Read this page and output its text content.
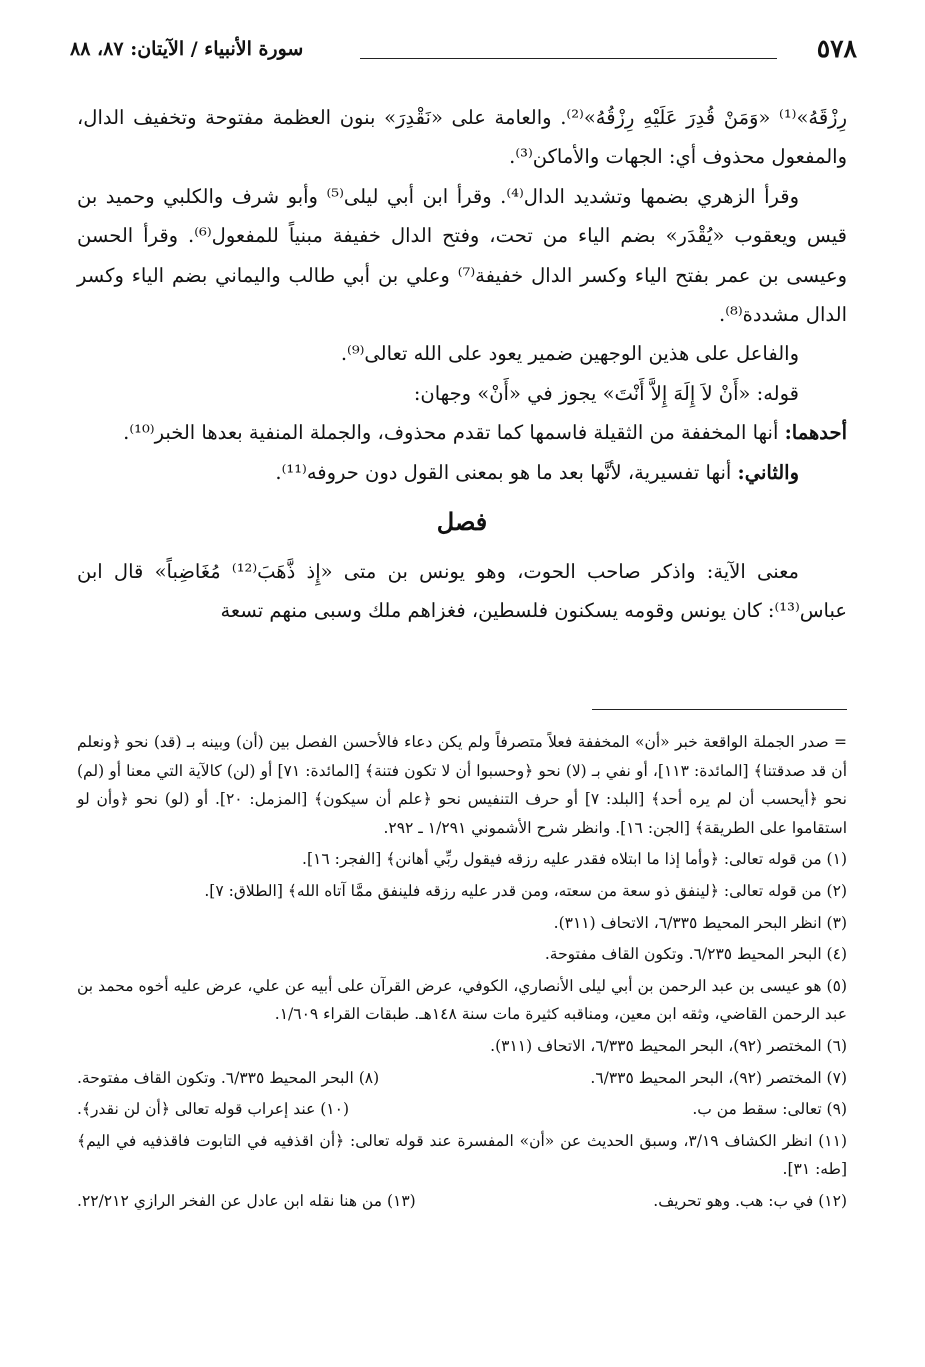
٥٧٨
سورة الأنبياء / الآيتان: ٨٧، ٨٨

رِزْقَهُ»⁽¹⁾ «وَمَنْ قُدِرَ عَلَيْهِ رِزْقُهُ»⁽²⁾. والعامة على «نَقْدِرَ» بنون العظمة مفتوحة وتخفيف الدال، والمفعول محذوف أي: الجهات والأماكن⁽³⁾.

وقرأ الزهري بضمها وتشديد الدال⁽⁴⁾. وقرأ ابن أبي ليلى⁽⁵⁾ وأبو شرف والكلبي وحميد بن قيس ويعقوب «يُقْدَر» بضم الياء من تحت، وفتح الدال خفيفة مبنياً للمفعول⁽⁶⁾. وقرأ الحسن وعيسى بن عمر بفتح الياء وكسر الدال خفيفة⁽⁷⁾ وعلي بن أبي طالب واليماني بضم الياء وكسر الدال مشددة⁽⁸⁾.

والفاعل على هذين الوجهين ضمير يعود على الله تعالى⁽⁹⁾.

قوله: «أَنْ لاَ إِلَهَ إِلاَّ أَنْتَ» يجوز في «أَنْ» وجهان:

أحدهما: أنها المخففة من الثقيلة فاسمها كما تقدم محذوف، والجملة المنفية بعدها الخبر⁽¹⁰⁾.

والثاني: أنها تفسيرية، لأنَّها بعد ما هو بمعنى القول دون حروفه⁽¹¹⁾.

فصل

معنى الآية: واذكر صاحب الحوت، وهو يونس بن متى «إِذ ذَّهَبَ⁽¹²⁾ مُغَاضِباً» قال ابن عباس⁽¹³⁾: كان يونس وقومه يسكنون فلسطين، فغزاهم ملك وسبى منهم تسعة

= صدر الجملة الواقعة خبر «أن» المخففة فعلاً متصرفاً ولم يكن دعاء فالأحسن الفصل بين (أن) وبينه بـ (قد) نحو ﴿ونعلم أن قد صدقتنا﴾ [المائدة: ١١٣]، أو نفي بـ (لا) نحو ﴿وحسبوا أن لا تكون فتنة﴾ [المائدة: ٧١] أو (لن) كالآية التي معنا أو (لم) نحو ﴿أيحسب أن لم يره أحد﴾ [البلد: ٧] أو حرف التنفيس نحو ﴿علم أن سيكون﴾ [المزمل: ٢٠]. أو (لو) نحو ﴿وأن لو استقاموا على الطريقة﴾ [الجن: ١٦]. وانظر شرح الأشموني ١/٢٩١ ـ ٢٩٢.

(١) من قوله تعالى: ﴿وأما إذا ما ابتلاه فقدر عليه رزقه فيقول ربِّي أهانن﴾ [الفجر: ١٦].

(٢) من قوله تعالى: ﴿لينفق ذو سعة من سعته، ومن قدر عليه رزقه فلينفق ممَّا آتاه الله﴾ [الطلاق: ٧].

(٣) انظر البحر المحيط ٦/٣٣٥، الاتحاف (٣١١).

(٤) البحر المحيط ٦/٢٣٥. وتكون القاف مفتوحة.

(٥) هو عيسى بن عبد الرحمن بن أبي ليلى الأنصاري، الكوفي، عرض القرآن على أبيه عن علي، عرض عليه أخوه محمد بن عبد الرحمن القاضي، وثقه ابن معين، ومناقبه كثيرة مات سنة ١٤٨هـ. طبقات القراء ١/٦٠٩.

(٦) المختصر (٩٢)، البحر المحيط ٦/٣٣٥، الاتحاف (٣١١).

(٧) المختصر (٩٢)، البحر المحيط ٦/٣٣٥.
(٨) البحر المحيط ٦/٣٣٥. وتكون القاف مفتوحة.
(٩) تعالى: سقط من ب.
(١٠) عند إعراب قوله تعالى ﴿أن لن نقدر﴾.

(١١) انظر الكشاف ٣/١٩، وسبق الحديث عن «أن» المفسرة عند قوله تعالى: ﴿أن اقذفيه في التابوت فاقذفيه في اليم﴾ [طه: ٣١].

(١٢) في ب: هب. وهو تحريف.
(١٣) من هنا نقله ابن عادل عن الفخر الرازي ٢٢/٢١٢.
